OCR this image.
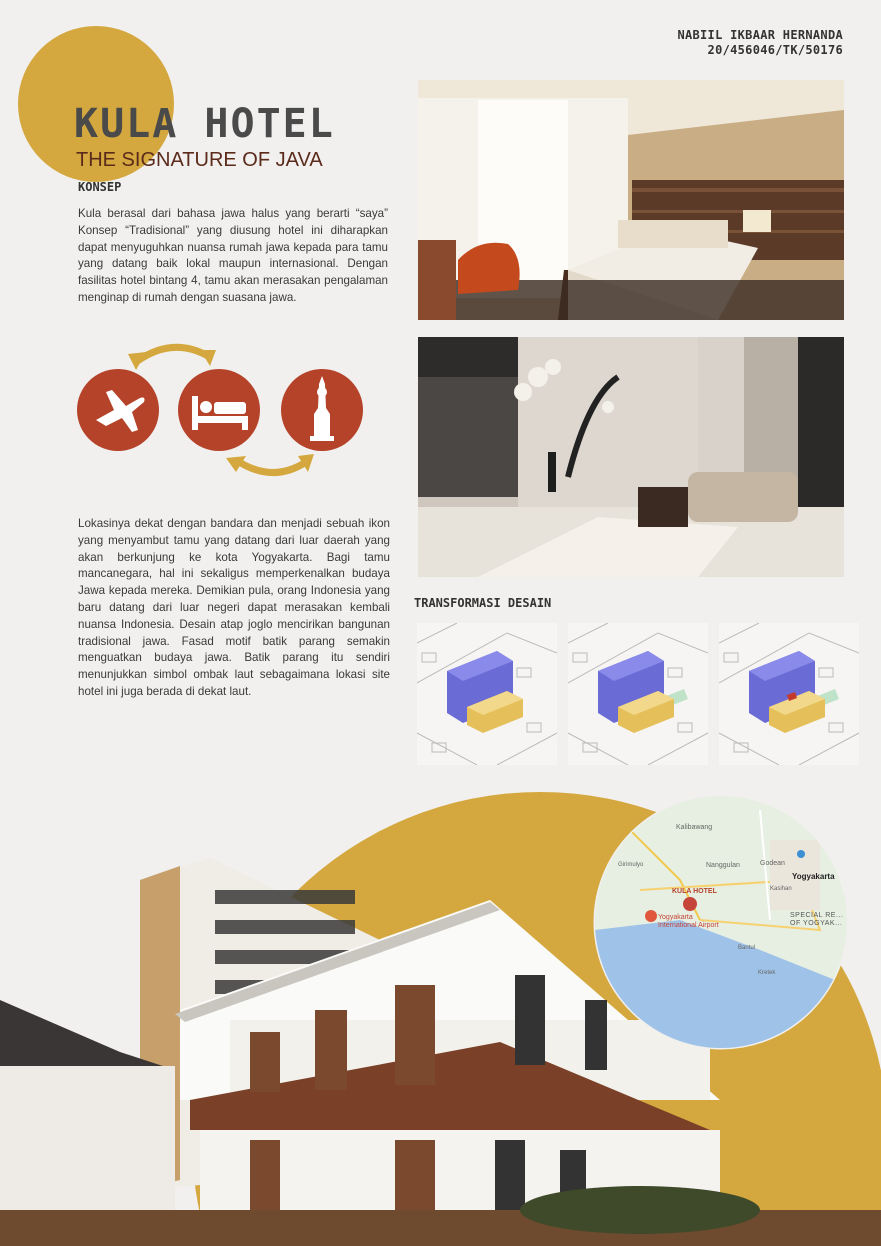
NABIIL IKBAAR HERNANDA
20/456046/TK/50176
KULA HOTEL
THE SIGNATURE OF JAVA
KONSEP
Kula berasal dari bahasa jawa halus yang berarti “saya” Konsep “Tradisional” yang diusung hotel ini diharapkan dapat menyuguhkan nuansa rumah jawa kepada para tamu yang datang baik lokal maupun internasional. Dengan fasilitas hotel bintang 4, tamu akan merasakan pengalaman menginap di rumah dengan suasana jawa.
Lokasinya dekat dengan bandara dan menjadi sebuah ikon yang menyambut tamu yang datang dari luar daerah yang akan berkunjung ke kota Yogyakarta. Bagi tamu mancanegara, hal ini sekaligus memperkenalkan budaya Jawa kepada mereka. Demikian pula, orang Indonesia yang baru datang dari luar negeri dapat merasakan kembali nuansa Indonesia. Desain atap joglo mencirikan bangunan tradisional jawa. Fasad motif batik parang semakin menguatkan budaya jawa. Batik parang itu sendiri menunjukkan simbol ombak laut sebagaimana lokasi site hotel ini juga berada di dekat laut.
TRANSFORMASI DESAIN
Kalibawang
Girimulyo	Nanggulan	Godean
Yogyakarta
Kasihan
KULA HOTEL
Yogyakarta International Airport
SPECIAL RE... OF YOGYAK...
Bantul
Kretek
